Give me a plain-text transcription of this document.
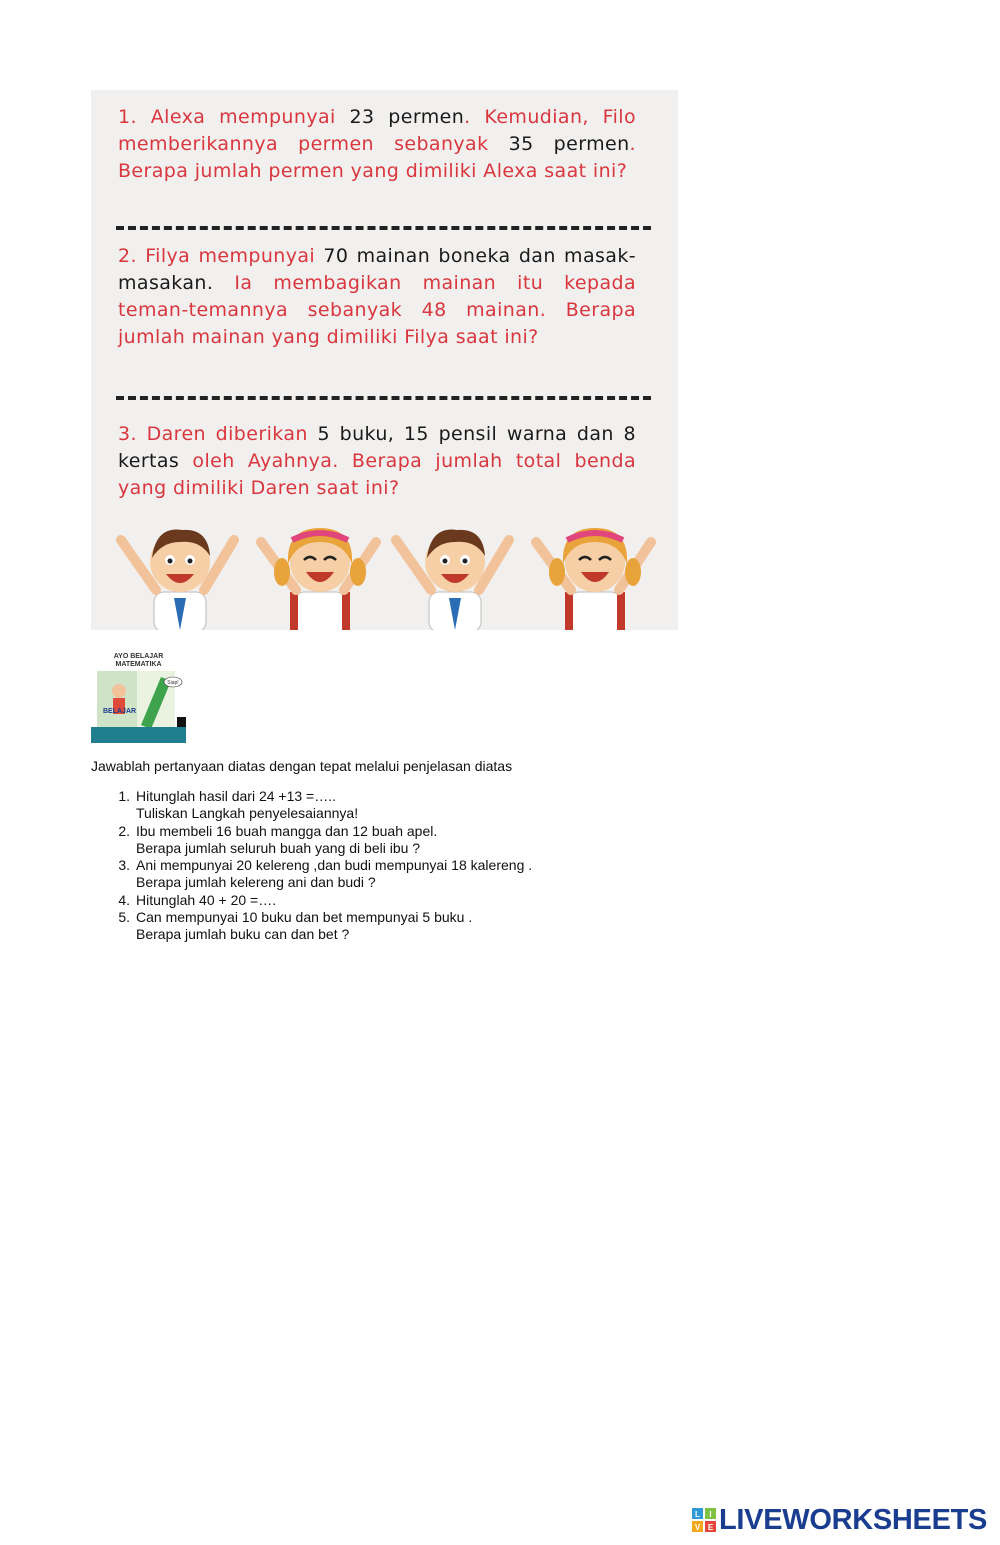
1. Alexa mempunyai 23 permen. Kemudian, Filo memberikannya permen sebanyak 35 permen. Berapa jumlah permen yang dimiliki Alexa saat ini?
2. Filya mempunyai 70 mainan boneka dan masak-masakan. Ia membagikan mainan itu kepada teman-temannya sebanyak 48 mainan. Berapa jumlah mainan yang dimiliki Filya saat ini?
3. Daren diberikan 5 buku, 15 pensil warna dan 8 kertas oleh Ayahnya. Berapa jumlah total benda yang dimiliki Daren saat ini?
AYO BELAJAR
MATEMATIKA
Siap!
BELAJAR
Jawablah pertanyaan diatas dengan tepat melalui penjelasan diatas
1. Hitunglah hasil dari 24 +13 =…..
Tuliskan Langkah penyelesaiannya!
2. Ibu membeli 16 buah mangga dan 12 buah apel.
Berapa jumlah seluruh buah yang di beli ibu ?
3. Ani mempunyai 20 kelereng ,dan budi mempunyai 18 kalereng .
Berapa jumlah kelereng ani dan budi ?
4. Hitunglah 40 + 20 =….
5. Can mempunyai 10 buku dan bet mempunyai 5 buku .
Berapa jumlah buku can dan bet ?
L I
V E LIVEWORKSHEETS
